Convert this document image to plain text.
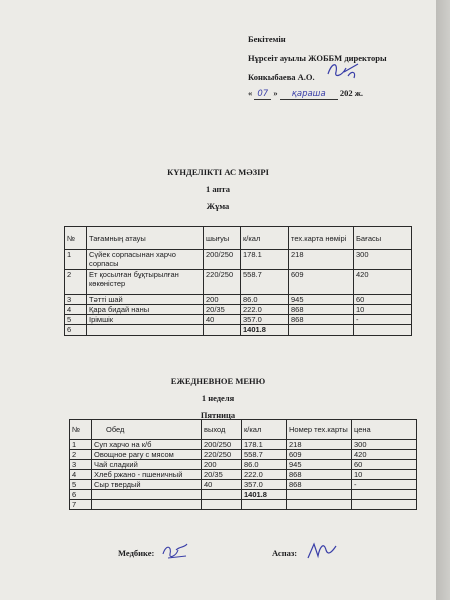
Бекітемін
Нұрсеіт ауылы ЖОББМ директоры
Конкыбаева А.О.
« 07 » қараша 202 ж.
КҮНДЕЛІКТІ АС МӘЗІРІ
1 апта
Жұма
№	Тағамның атауы	шығуы	к/кал	тех.карта нөмірі	Бағасы
1	Сүйек сорпасынан харчо сорпасы	200/250	178.1	218	300
2	Ет қосылған бұқтырылған көкөністер	220/250	558.7	609	420
3	Тәтті шай	200	86.0	945	60
4	Қара бидай наны	20/35	222.0	868	10
5	Ірімшік	40	357.0	868	-
6			1401.8		
ЕЖЕДНЕВНОЕ МЕНЮ
1 неделя
Пятница
№	Обед	выход	к/кал	Номер тех.карты	цена
1	Суп харчо на к/б	200/250	178.1	218	300
2	Овощное рагу с мясом	220/250	558.7	609	420
3	Чай сладкий	200	86.0	945	60
4	Хлеб ржано - пшеничный	20/35	222.0	868	10
5	Сыр твердый	40	357.0	868	-
6			1401.8		
7					
Медбике:	Аспаз:
